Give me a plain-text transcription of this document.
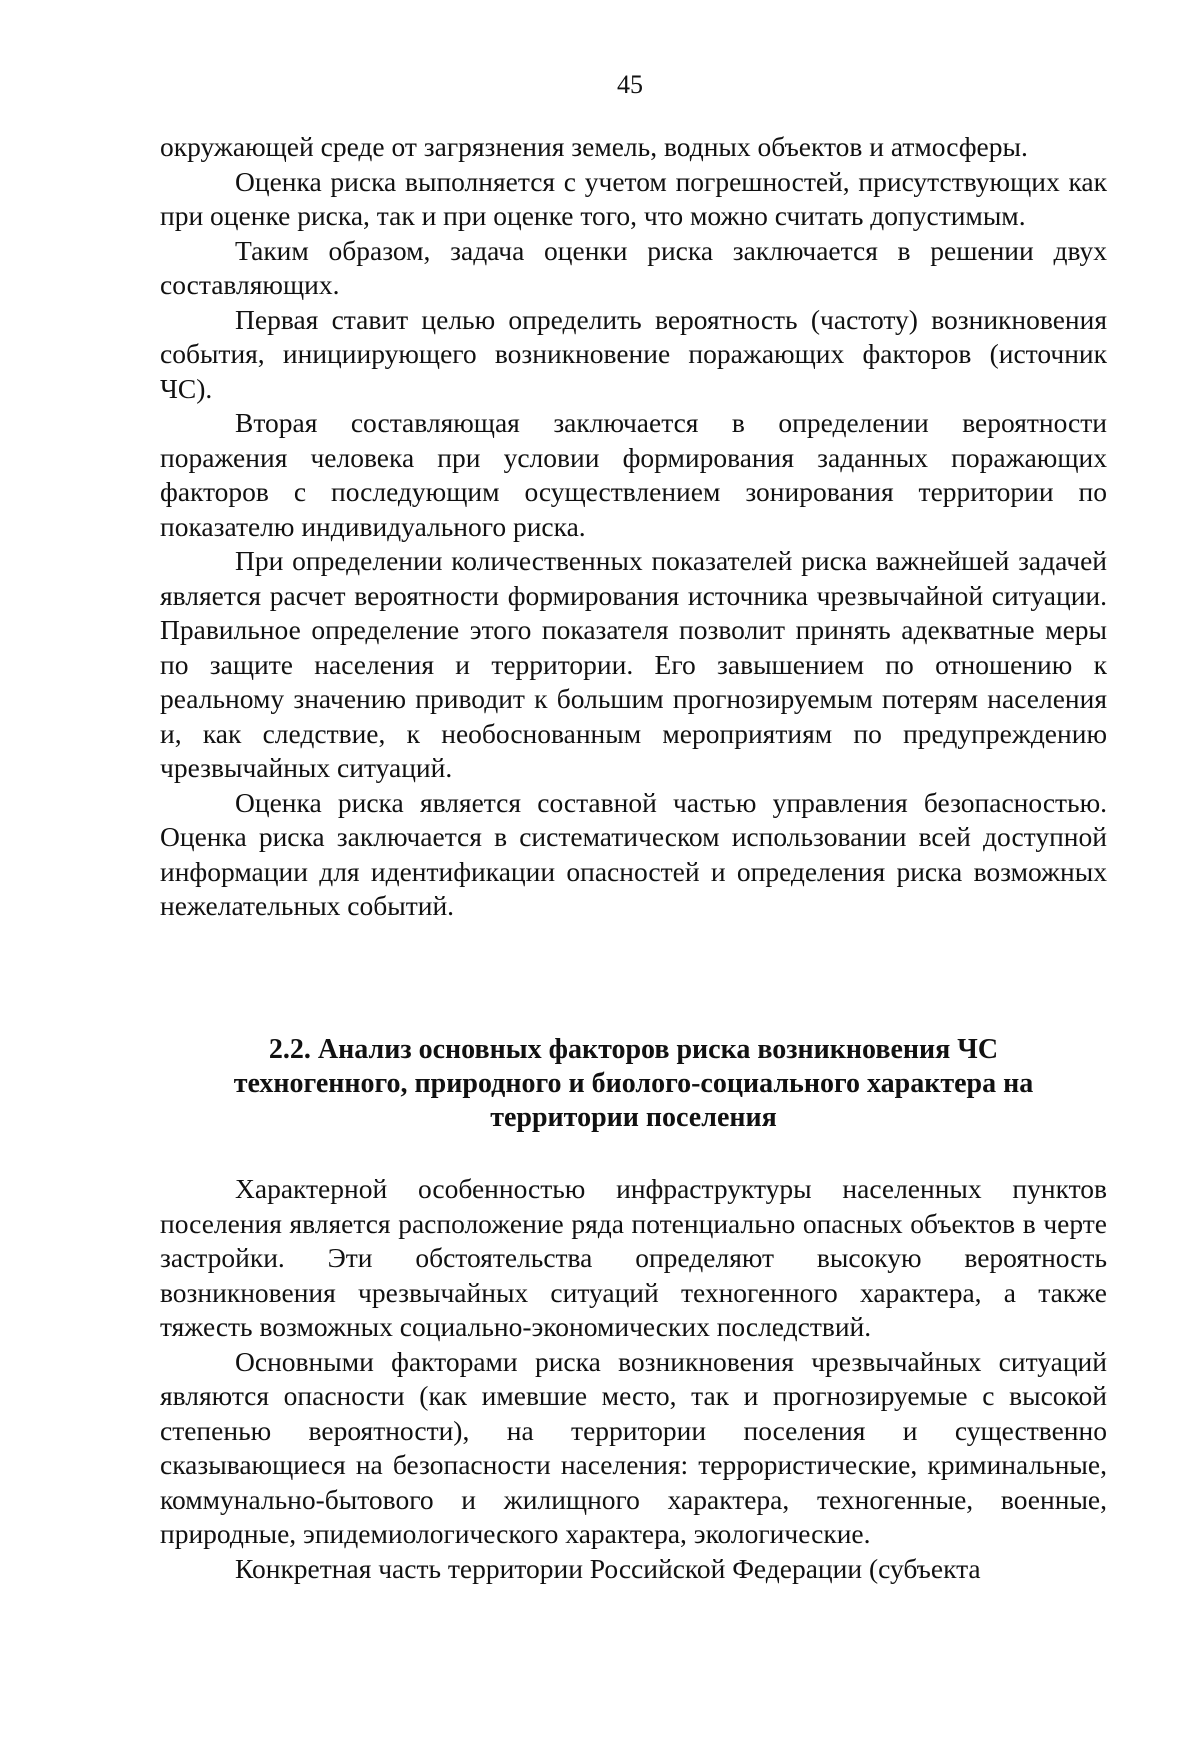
45

окружающей среде от загрязнения земель, водных объектов и атмосферы.

Оценка риска выполняется с учетом погрешностей, присутствующих как при оценке риска, так и при оценке того, что можно считать допустимым.

Таким образом, задача оценки риска заключается в решении двух составляющих.

Первая ставит целью определить вероятность (частоту) возникновения события, инициирующего возникновение поражающих факторов (источник ЧС).

Вторая составляющая заключается в определении вероятности поражения человека при условии формирования заданных поражающих факторов с последующим осуществлением зонирования территории по показателю индивидуального риска.

При определении количественных показателей риска важнейшей задачей является расчет вероятности формирования источника чрезвычайной ситуации. Правильное определение этого показателя позволит принять адекватные меры по защите населения и территории. Его завышением по отношению к реальному значению приводит к большим прогнозируемым потерям населения и, как следствие, к необоснованным мероприятиям по предупреждению чрезвычайных ситуаций.

Оценка риска является составной частью управления безопасностью. Оценка риска заключается в систематическом использовании всей доступной информации для идентификации опасностей и определения риска возможных нежелательных событий.

2.2. Анализ основных факторов риска возникновения ЧС
техногенного, природного и биолого-социального характера на
территории поселения

Характерной особенностью инфраструктуры населенных пунктов поселения является расположение ряда потенциально опасных объектов в черте застройки. Эти обстоятельства определяют высокую вероятность возникновения чрезвычайных ситуаций техногенного характера, а также тяжесть возможных социально-экономических последствий.

Основными факторами риска возникновения чрезвычайных ситуаций являются опасности (как имевшие место, так и прогнозируемые с высокой степенью вероятности), на территории поселения и существенно сказывающиеся на безопасности населения: террористические, криминальные, коммунально-бытового и жилищного характера, техногенные, военные, природные, эпидемиологического характера, экологические.

Конкретная часть территории Российской Федерации (субъекта
